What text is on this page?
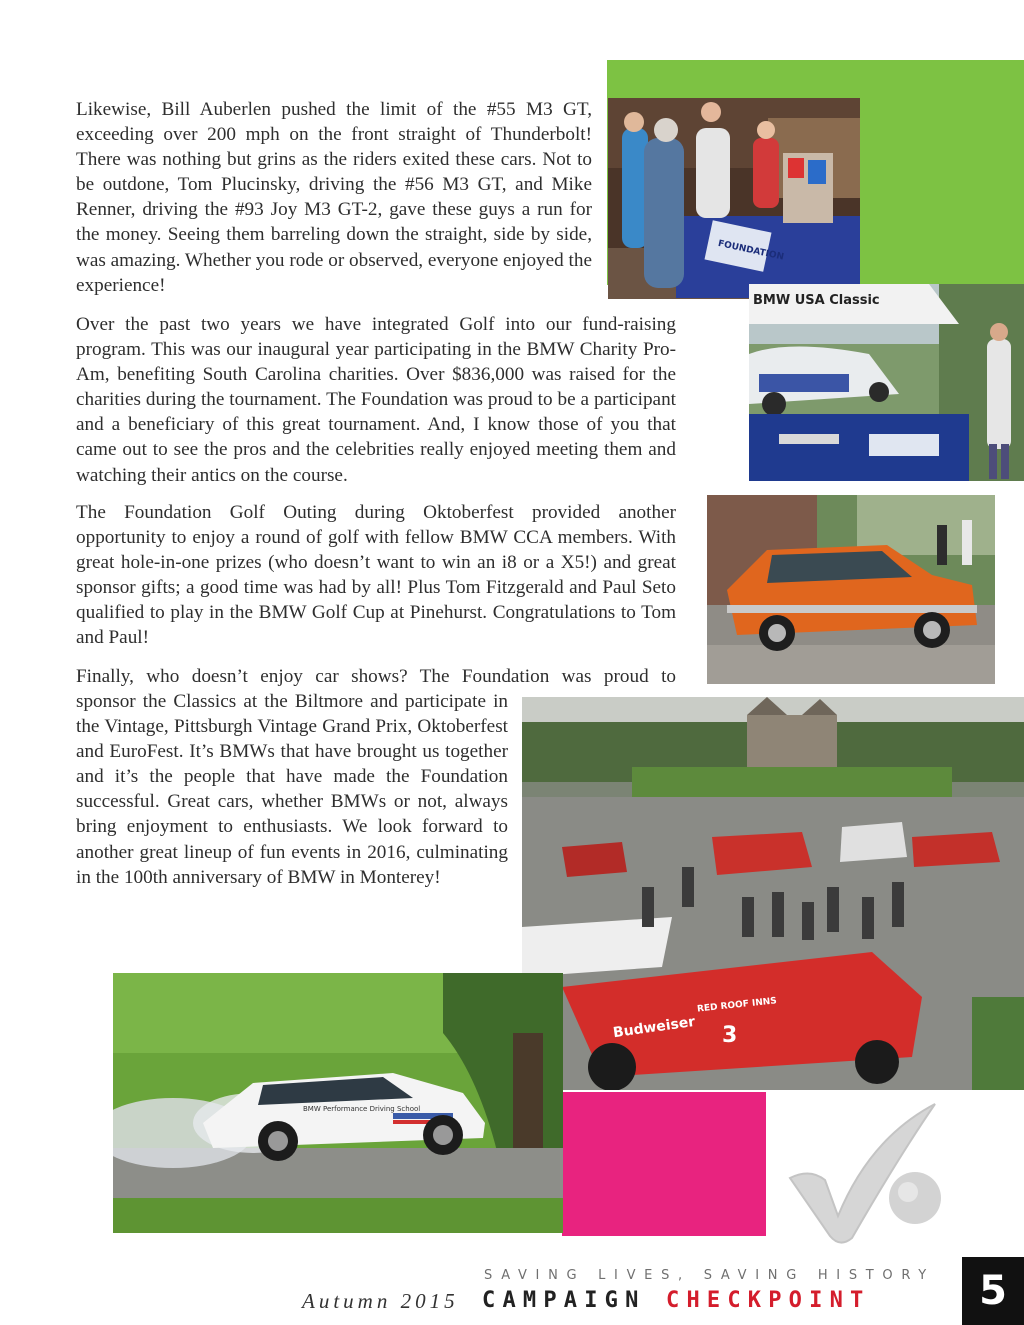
FOUNDATION
BMW USA Classic
Budweiser
RED ROOF INNS
3
BMW Performance Driving School

Likewise, Bill Auberlen pushed the limit of the #55 M3 GT, exceeding over 200 mph on the front straight of Thunderbolt! There was nothing but grins as the riders exited these cars. Not to be outdone, Tom Plucinsky, driving the #56 M3 GT, and Mike Renner, driving the #93 Joy M3 GT-2, gave these guys a run for the money. Seeing them barreling down the straight, side by side, was amazing. Whether you rode or observed, everyone enjoyed the experience!

Over the past two years we have integrated Golf into our fund-raising program. This was our inaugural year participating in the BMW Charity Pro-Am, benefiting South Carolina charities. Over $836,000 was raised for the charities during the tournament. The Foundation was proud to be a participant and a beneficiary of this great tournament. And, I know those of you that came out to see the pros and the celebrities really enjoyed meeting them and watching their antics on the course.

The Foundation Golf Outing during Oktoberfest provided another opportunity to enjoy a round of golf with fellow BMW CCA members. With great hole-in-one prizes (who doesn’t want to win an i8 or a X5!) and great sponsor gifts; a good time was had by all! Plus Tom Fitzgerald and Paul Seto qualified to play in the BMW Golf Cup at Pinehurst. Congratulations to Tom and Paul!

Finally, who doesn’t enjoy car shows? The Foundation was proud to

sponsor the Classics at the Biltmore and participate in the Vintage, Pittsburgh Vintage Grand Prix, Oktoberfest and EuroFest. It’s BMWs that have brought us together and it’s the people that have made the Foundation successful. Great cars, whether BMWs or not, always bring enjoyment to enthusiasts. We look forward to another great lineup of fun events in 2016, culminating in the 100th anniversary of BMW in Monterey!

SAVING LIVES, SAVING HISTORY
Autumn 2015 CAMPAIGN CHECKPOINT	5
